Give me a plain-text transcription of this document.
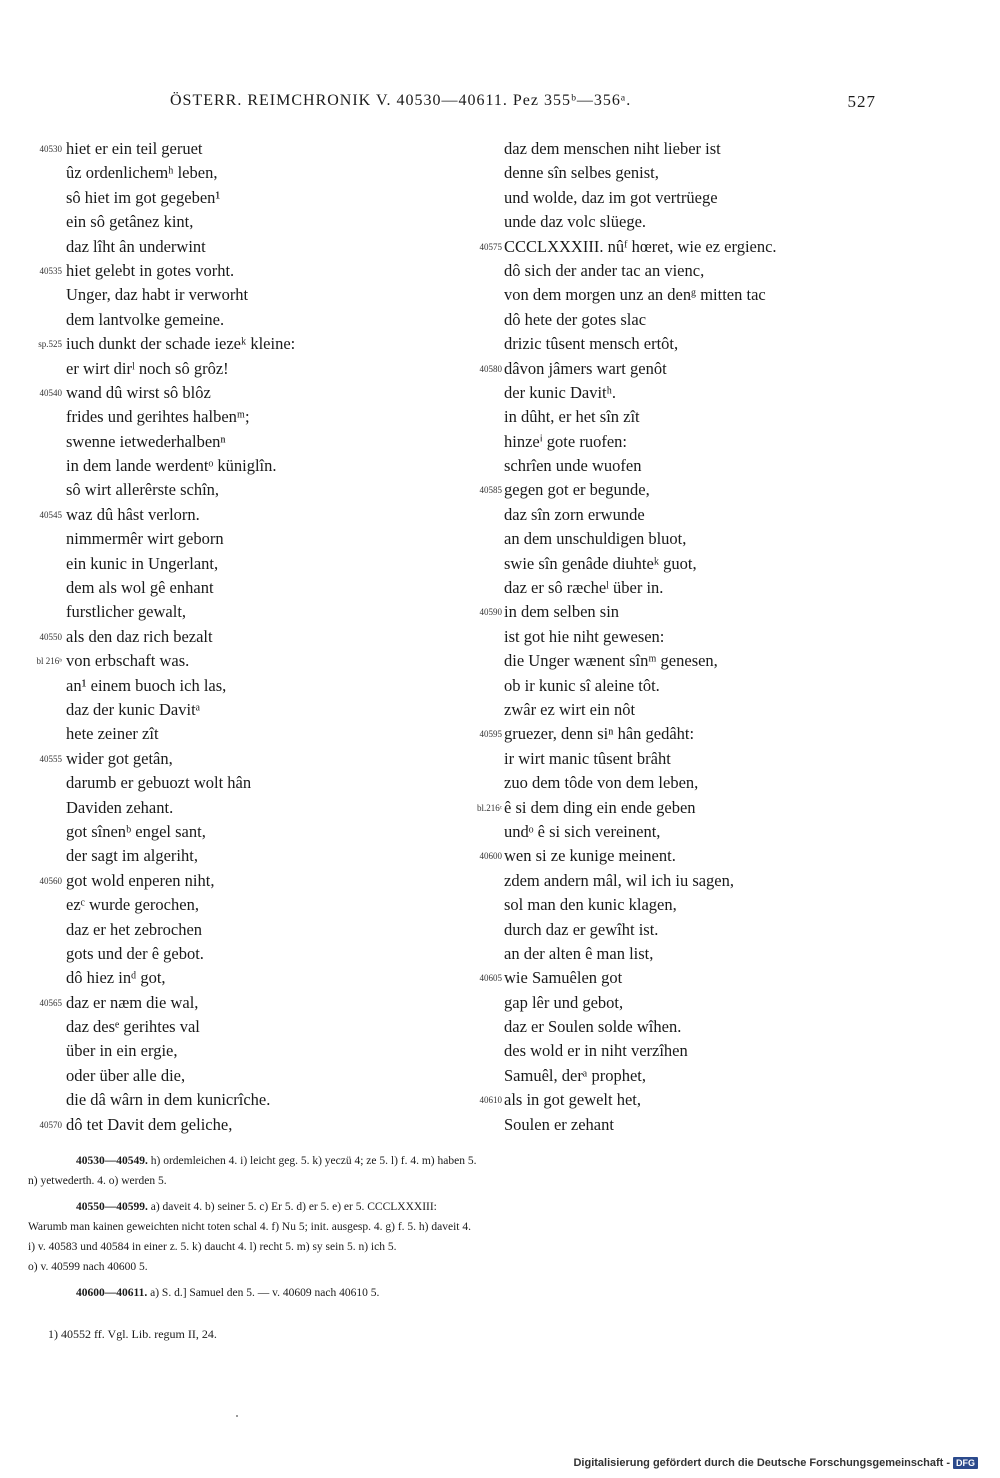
ÖSTERR. REIMCHRONIK V. 40530—40611. Pez 355ᵇ—356ᵃ.	527
40530 hiet er ein teil geruet
ûz ordenlichemʰ leben,
sô hiet im got gegeben¹
ein sô getânez kint,
daz lîht ân underwint
40535 hiet gelebt in gotes vorht.
Unger, daz habt ir verworht
dem lantvolke gemeine.
sp.525 iuch dunkt der schade iezeᵏ kleine:
er wirt dirˡ noch sô grôz!
40540 wand dû wirst sô blôz
frides und gerihtes halbenᵐ;
swenne ietwederhalbenⁿ
in dem lande werdentᵒ küniglîn.
sô wirt allerêrste schîn,
40545 waz dû hâst verlorn.
nimmermêr wirt geborn
ein kunic in Ungerlant,
dem als wol gê enhant
furstlicher gewalt,
40550 als den daz rich bezalt
bl 216ᵇ von erbschaft was.
an¹ einem buoch ich las,
daz der kunic Davitᵃ
hete zeiner zît
40555 wider got getân,
darumb er gebuozt wolt hân
Daviden zehant.
got sînenᵇ engel sant,
der sagt im algeriht,
40560 got wold enperen niht,
ezᶜ wurde gerochen,
daz er het zebrochen
gots und der ê gebot.
dô hiez inᵈ got,
40565 daz er næm die wal,
daz desᵉ gerihtes val
über in ein ergie,
oder über alle die,
die dâ wârn in dem kunicrîche.
40570 dô tet Davit dem geliche,
daz dem menschen niht lieber ist
denne sîn selbes genist,
und wolde, daz im got vertrüege
unde daz volc slüege.
40575 CCCLXXXIII. nûᶠ hœret, wie ez ergienc.
dô sich der ander tac an vienc,
von dem morgen unz an denᵍ mitten tac
dô hete der gotes slac
drizic tûsent mensch ertôt,
40580 dâvon jâmers wart genôt
der kunic Davitʰ.
in dûht, er het sîn zît
hinzeⁱ gote ruofen:
schrîen unde wuofen
40585 gegen got er begunde,
daz sîn zorn erwunde
an dem unschuldigen bluot,
swie sîn genâde diuhteᵏ guot,
daz er sô ræcheˡ über in.
40590 in dem selben sin
ist got hie niht gewesen:
die Unger wænent sînᵐ genesen,
ob ir kunic sî aleine tôt.
zwâr ez wirt ein nôt
40595 gruezer, denn siⁿ hân gedâht:
ir wirt manic tûsent brâht
zuo dem tôde von dem leben,
bl.216ᶜ ê si dem ding ein ende geben
undᵒ ê si sich vereinent,
40600 wen si ze kunige meinent.
zdem andern mâl, wil ich iu sagen,
sol man den kunic klagen,
durch daz er gewîht ist.
an der alten ê man list,
40605 wie Samuêlen got
gap lêr und gebot,
daz er Soulen solde wîhen.
des wold er in niht verzîhen
Samuêl, derᵃ prophet,
40610 als in got gewelt het,
Soulen er zehant
40530—40549. h) ordemleichen 4. i) leicht geg. 5. k) yeczü 4; ze 5. l) f. 4. m) haben 5.
n) yetwederth. 4. o) werden 5.
40550—40599. a) daveit 4. b) seiner 5. c) Er 5. d) er 5. e) er 5. CCCLXXXIII:
Warumb man kainen geweichten nicht toten schal 4. f) Nu 5; init. ausgesp. 4. g) f. 5. h) daveit 4.
i) v. 40583 und 40584 in einer z. 5. k) daucht 4. l) recht 5. m) sy sein 5. n) ich 5.
o) v. 40599 nach 40600 5.
40600—40611. a) S. d.] Samuel den 5. — v. 40609 nach 40610 5.
1) 40552 ff. Vgl. Lib. regum II, 24.
Digitalisierung gefördert durch die Deutsche Forschungsgemeinschaft - DFG
